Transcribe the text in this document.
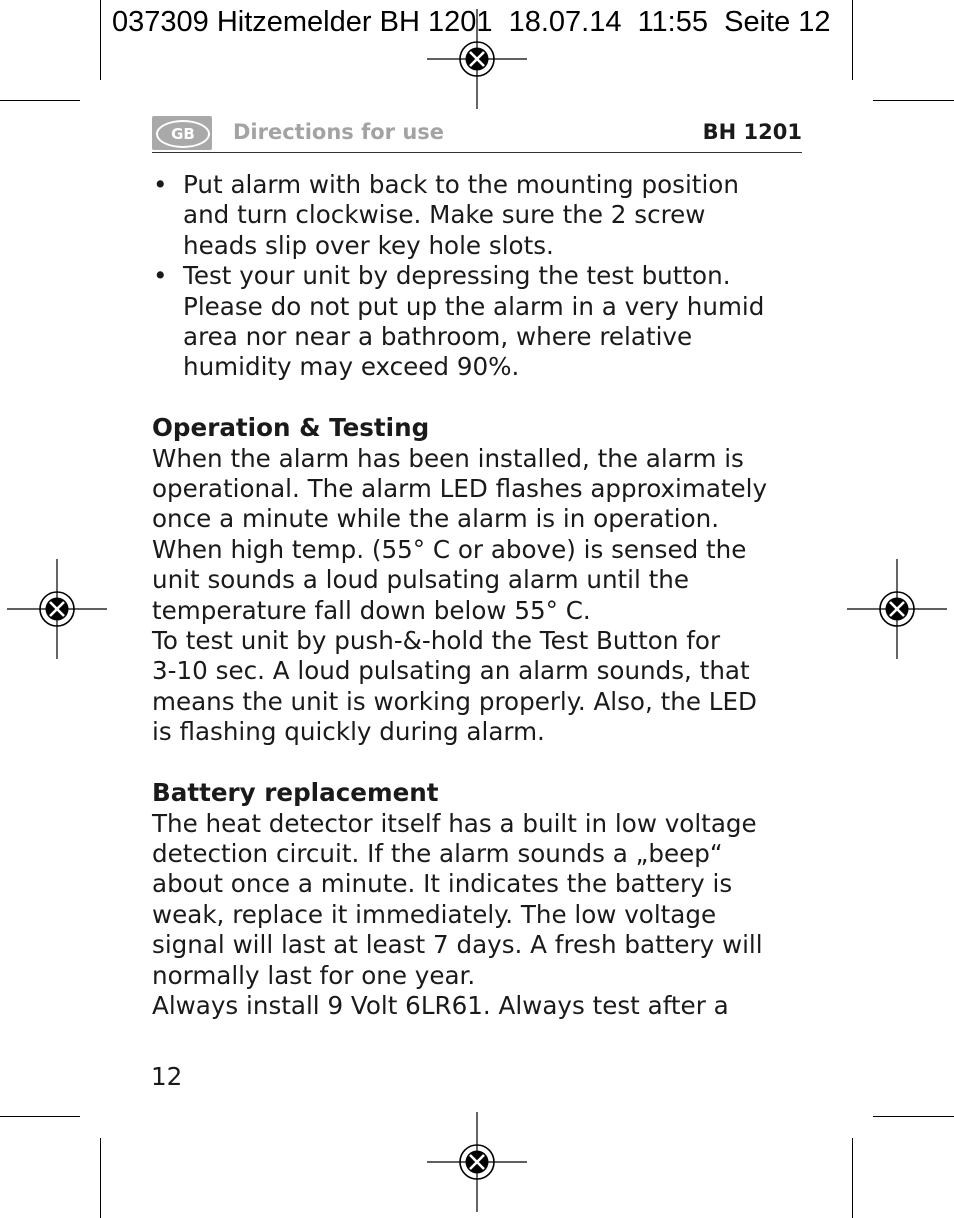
037309 Hitzemelder BH 1201  18.07.14  11:55  Seite 12
GB	Directions for use	BH 1201
• Put alarm with back to the mounting position
and turn clockwise. Make sure the 2 screw
heads slip over key hole slots.
• Test your unit by depressing the test button.
Please do not put up the alarm in a very humid
area nor near a bathroom, where relative
humidity may exceed 90%.
Operation & Testing
When the alarm has been installed, the alarm is
operational. The alarm LED flashes approximately
once a minute while the alarm is in operation.
When high temp. (55° C or above) is sensed the
unit sounds a loud pulsating alarm until the
temperature fall down below 55° C.
To test unit by push-&-hold the Test Button for
3-10 sec. A loud pulsating an alarm sounds, that
means the unit is working properly. Also, the LED
is flashing quickly during alarm.
Battery replacement
The heat detector itself has a built in low voltage
detection circuit. If the alarm sounds a „beep“
about once a minute. It indicates the battery is
weak, replace it immediately. The low voltage
signal will last at least 7 days. A fresh battery will
normally last for one year.
Always install 9 Volt 6LR61. Always test after a
12
